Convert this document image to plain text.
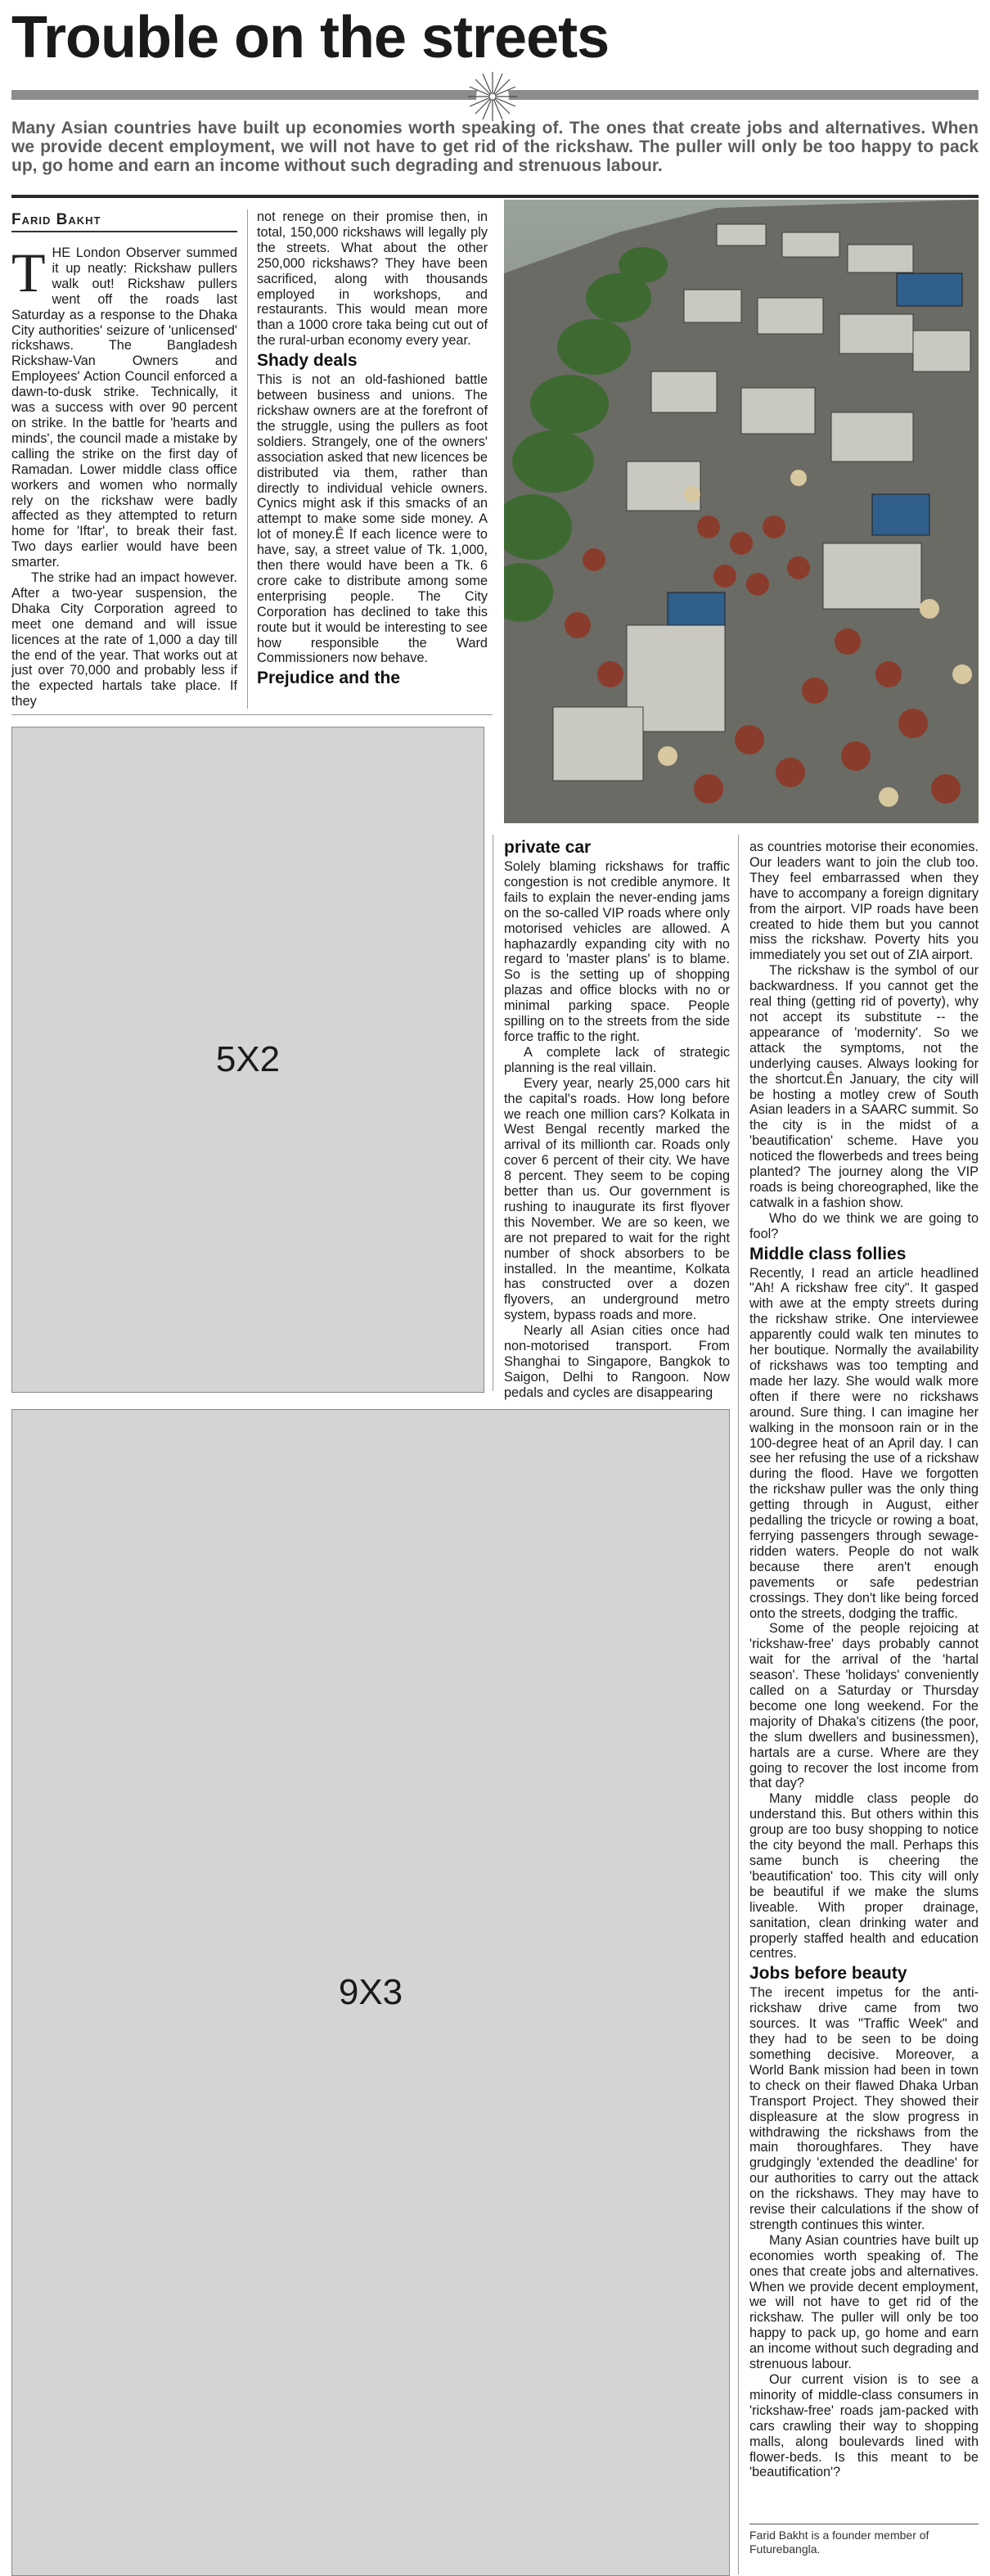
Trouble on the streets
Many Asian countries have built up economies worth speaking of. The ones that create jobs and alternatives. When we provide decent employment, we will not have to get rid of the rickshaw. The puller will only be too happy to pack up, go home and earn an income without such degrading and strenuous labour.
Farid Bakht
T HE London Observer summed it up neatly: Rickshaw pullers walk out! Rickshaw pullers went off the roads last Saturday as a response to the Dhaka City authorities' seizure of 'unlicensed' rickshaws. The Bangladesh Rickshaw-Van Owners and Employees' Action Council enforced a dawn-to-dusk strike. Technically, it was a success with over 90 percent on strike. In the battle for 'hearts and minds', the council made a mistake by calling the strike on the first day of Ramadan. Lower middle class office workers and women who normally rely on the rickshaw were badly affected as they attempted to return home for 'Iftar', to break their fast. Two days earlier would have been smarter.

The strike had an impact however. After a two-year suspension, the Dhaka City Corporation agreed to meet one demand and will issue licences at the rate of 1,000 a day till the end of the year. That works out at just over 70,000 and probably less if the expected hartals take place. If they

not renege on their promise then, in total, 150,000 rickshaws will legally ply the streets. What about the other 250,000 rickshaws? They have been sacrificed, along with thousands employed in workshops, and restaurants. This would mean more than a 1000 crore taka being cut out of the rural-urban economy every year.

Shady deals

This is not an old-fashioned battle between business and unions. The rickshaw owners are at the forefront of the struggle, using the pullers as foot soldiers. Strangely, one of the owners' association asked that new licences be distributed via them, rather than directly to individual vehicle owners. Cynics might ask if this smacks of an attempt to make some side money. A lot of money.Ê If each licence were to have, say, a street value of Tk. 1,000, then there would have been a Tk. 6 crore cake to distribute among some enterprising people. The City Corporation has declined to take this route but it would be interesting to see how responsible the Ward Commissioners now behave.

Prejudice and the
5X2
9X3
private car

Solely blaming rickshaws for traffic congestion is not credible anymore. It fails to explain the never-ending jams on the so-called VIP roads where only motorised vehicles are allowed. A haphazardly expanding city with no regard to 'master plans' is to blame. So is the setting up of shopping plazas and office blocks with no or minimal parking space. People spilling on to the streets from the side force traffic to the right.

A complete lack of strategic planning is the real villain.

Every year, nearly 25,000 cars hit the capital's roads. How long before we reach one million cars? Kolkata in West Bengal recently marked the arrival of its millionth car. Roads only cover 6 percent of their city. We have 8 percent. They seem to be coping better than us. Our government is rushing to inaugurate its first flyover this November. We are so keen, we are not prepared to wait for the right number of shock absorbers to be installed. In the meantime, Kolkata has constructed over a dozen flyovers, an underground metro system, bypass roads and more.

Nearly all Asian cities once had non-motorised transport. From Shanghai to Singapore, Bangkok to Saigon, Delhi to Rangoon. Now pedals and cycles are disappearing

as countries motorise their economies. Our leaders want to join the club too. They feel embarrassed when they have to accompany a foreign dignitary from the airport. VIP roads have been created to hide them but you cannot miss the rickshaw. Poverty hits you immediately you set out of ZIA airport.

The rickshaw is the symbol of our backwardness. If you cannot get the real thing (getting rid of poverty), why not accept its substitute -- the appearance of 'modernity'. So we attack the symptoms, not the underlying causes. Always looking for the shortcut.Ên January, the city will be hosting a motley crew of South Asian leaders in a SAARC summit. So the city is in the midst of a 'beautification' scheme. Have you noticed the flowerbeds and trees being planted? The journey along the VIP roads is being choreographed, like the catwalk in a fashion show.

Who do we think we are going to fool?

Middle class follies

Recently, I read an article headlined "Ah! A rickshaw free city". It gasped with awe at the empty streets during the rickshaw strike. One interviewee apparently could walk ten minutes to her boutique. Normally the availability of rickshaws was too tempting and made her lazy. She would walk more often if there were no rickshaws around. Sure thing. I can imagine her walking in the monsoon rain or in the 100-degree heat of an April day. I can see her refusing the use of a rickshaw during the flood. Have we forgotten the rickshaw puller was the only thing getting through in August, either pedalling the tricycle or rowing a boat, ferrying passengers through sewage-ridden waters. People do not walk because there aren't enough pavements or safe pedestrian crossings. They don't like being forced onto the streets, dodging the traffic.

Some of the people rejoicing at 'rickshaw-free' days probably cannot wait for the arrival of the 'hartal season'. These 'holidays' conveniently called on a Saturday or Thursday become one long weekend. For the majority of Dhaka's citizens (the poor, the slum dwellers and businessmen), hartals are a curse. Where are they going to recover the lost income from that day?

Many middle class people do understand this. But others within this group are too busy shopping to notice the city beyond the mall. Perhaps this same bunch is cheering the 'beautification' too. This city will only be beautiful if we make the slums liveable. With proper drainage, sanitation, clean drinking water and properly staffed health and education centres.

Jobs before beauty

The irecent impetus for the anti-rickshaw drive came from two sources. It was "Traffic Week" and they had to be seen to be doing something decisive. Moreover, a World Bank mission had been in town to check on their flawed Dhaka Urban Transport Project. They showed their displeasure at the slow progress in withdrawing the rickshaws from the main thoroughfares. They have grudgingly 'extended the deadline' for our authorities to carry out the attack on the rickshaws. They may have to revise their calculations if the show of strength continues this winter.

Many Asian countries have built up economies worth speaking of. The ones that create jobs and alternatives. When we provide decent employment, we will not have to get rid of the rickshaw. The puller will only be too happy to pack up, go home and earn an income without such degrading and strenuous labour.

Our current vision is to see a minority of middle-class consumers in 'rickshaw-free' roads jam-packed with cars crawling their way to shopping malls, along boulevards lined with flower-beds. Is this meant to be 'beautification'?

Farid Bakht is a founder member of Futurebangla.
